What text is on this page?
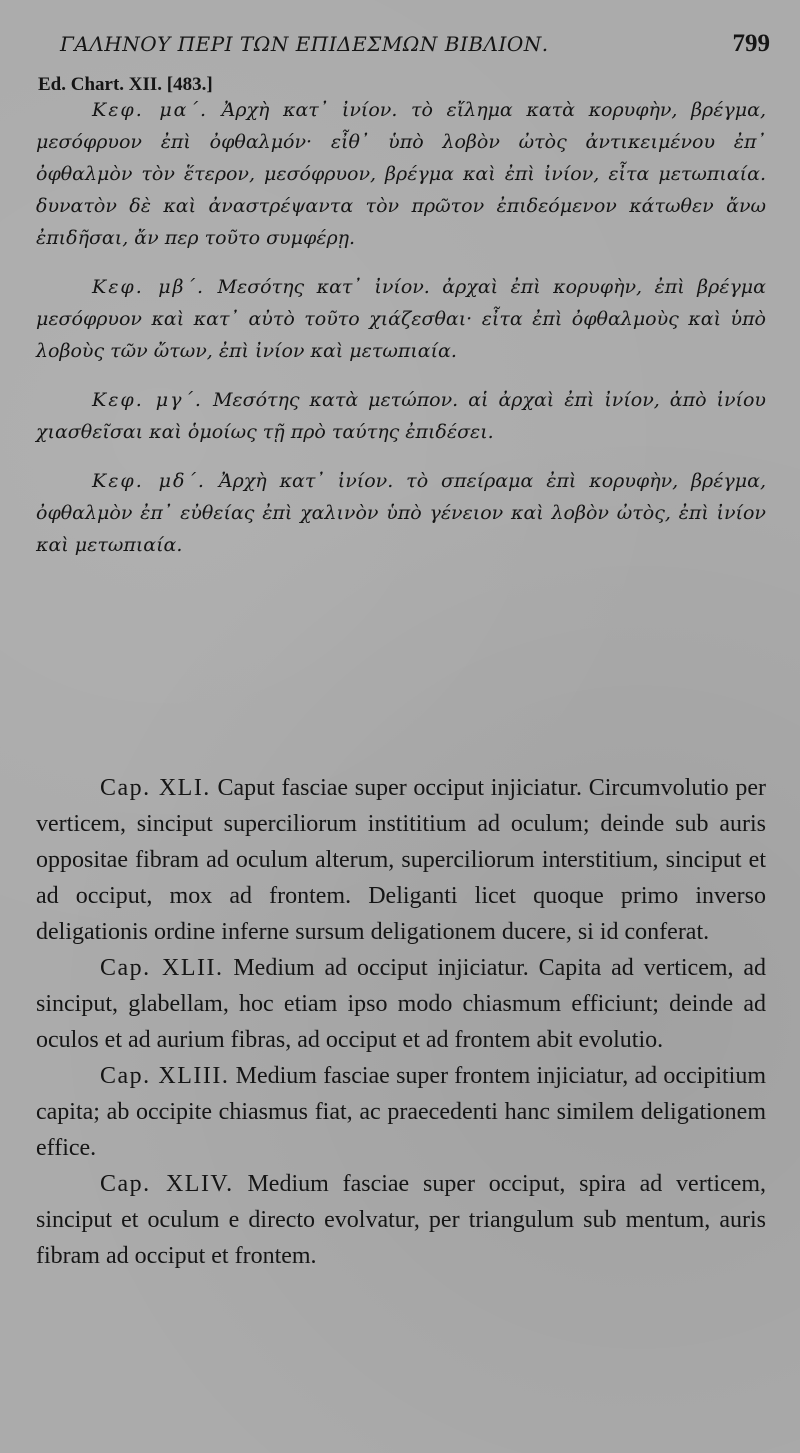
ΓΑΛΗΝΟΥ ΠΕΡΙ ΤΩΝ ΕΠΙΔΕΣΜΩΝ ΒΙΒΛΙΟΝ.	799
Ed. Chart. XII. [483.]

Κεφ. μα΄. Ἀρχὴ κατ᾽ ἰνίον. τὸ εἴλημα κατὰ κορυφὴν, βρέγμα, μεσόφρυον ἐπὶ ὀφθαλμόν· εἶθ᾽ ὑπὸ λοβὸν ὠτὸς ἀντικειμένου ἐπ᾽ ὀφθαλμὸν τὸν ἕτερον, μεσόφρυον, βρέγμα καὶ ἐπὶ ἰνίον, εἶτα μετωπιαία. δυνατὸν δὲ καὶ ἀναστρέψαντα τὸν πρῶτον ἐπιδεόμενον κάτωθεν ἄνω ἐπιδῆσαι, ἄν περ τοῦτο συμφέρῃ.

Κεφ. μβ΄. Μεσότης κατ᾽ ἰνίον. ἀρχαὶ ἐπὶ κορυφὴν, ἐπὶ βρέγμα μεσόφρυον καὶ κατ᾽ αὐτὸ τοῦτο χιάζεσθαι· εἶτα ἐπὶ ὀφθαλμοὺς καὶ ὑπὸ λοβοὺς τῶν ὤτων, ἐπὶ ἰνίον καὶ μετωπιαία.

Κεφ. μγ΄. Μεσότης κατὰ μετώπον. αἱ ἀρχαὶ ἐπὶ ἰνίον, ἀπὸ ἰνίου χιασθεῖσαι καὶ ὁμοίως τῇ πρὸ ταύτης ἐπιδέσει.

Κεφ. μδ΄. Ἀρχὴ κατ᾽ ἰνίον. τὸ σπείραμα ἐπὶ κορυφὴν, βρέγμα, ὀφθαλμὸν ἐπ᾽ εὐθείας ἐπὶ χαλινὸν ὑπὸ γένειον καὶ λοβὸν ὠτὸς, ἐπὶ ἰνίον καὶ μετωπιαία.

Cap. XLI. Caput fasciae super occiput injiciatur. Circumvolutio per verticem, sinciput superciliorum instititium ad oculum; deinde sub auris oppositae fibram ad oculum alterum, superciliorum interstitium, sinciput et ad occiput, mox ad frontem. Deliganti licet quoque primo inverso deligationis ordine inferne sursum deligationem ducere, si id conferat.

Cap. XLII. Medium ad occiput injiciatur. Capita ad verticem, ad sinciput, glabellam, hoc etiam ipso modo chiasmum efficiunt; deinde ad oculos et ad aurium fibras, ad occiput et ad frontem abit evolutio.

Cap. XLIII. Medium fasciae super frontem injiciatur, ad occipitium capita; ab occipite chiasmus fiat, ac praecedenti hanc similem deligationem effice.

Cap. XLIV. Medium fasciae super occiput, spira ad verticem, sinciput et oculum e directo evolvatur, per triangulum sub mentum, auris fibram ad occiput et frontem.
